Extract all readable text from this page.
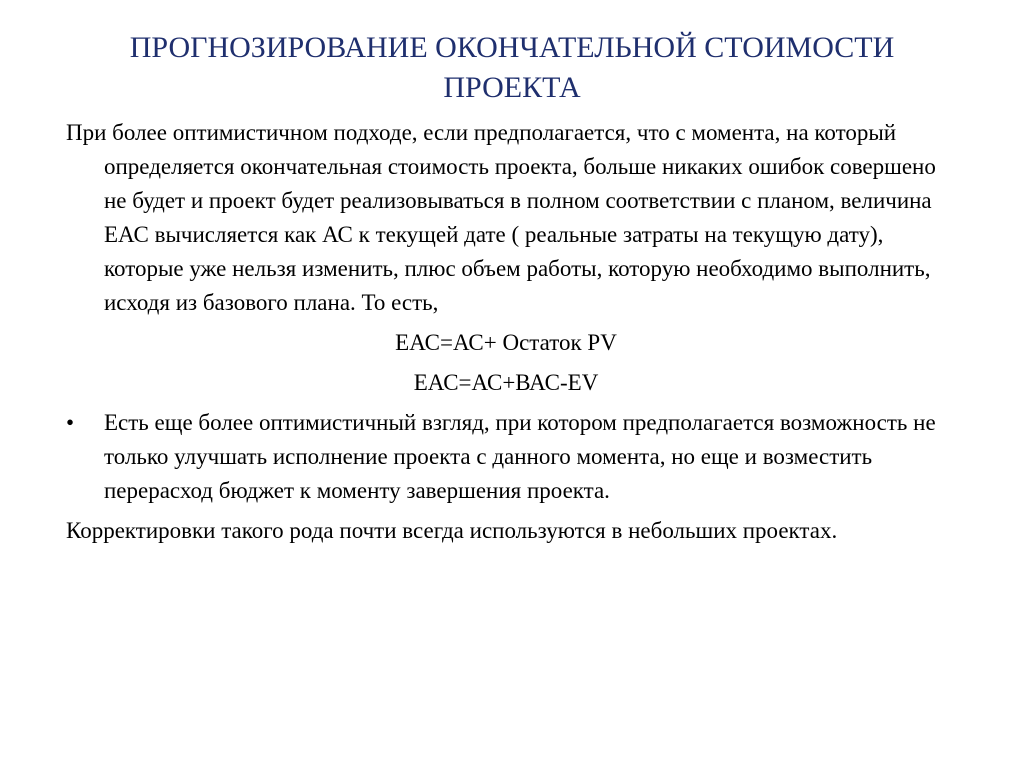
ПРОГНОЗИРОВАНИЕ ОКОНЧАТЕЛЬНОЙ СТОИМОСТИ ПРОЕКТА

При более оптимистичном подходе, если предполагается, что с момента, на который определяется окончательная стоимость проекта, больше никаких ошибок совершено не будет и проект будет реализовываться в полном соответствии с планом, величина ЕАС вычисляется как АС к текущей дате ( реальные затраты на текущую дату), которые уже нельзя изменить, плюс объем работы, которую необходимо выполнить, исходя из базового плана. То есть,

ЕАС=АС+ Остаток PV

ЕАС=АС+ВАС-ЕV

• Есть еще более оптимистичный взгляд, при котором предполагается возможность не только улучшать исполнение проекта с данного момента, но еще и возместить перерасход бюджет к моменту завершения проекта.

Корректировки такого рода почти всегда используются в небольших проектах.
